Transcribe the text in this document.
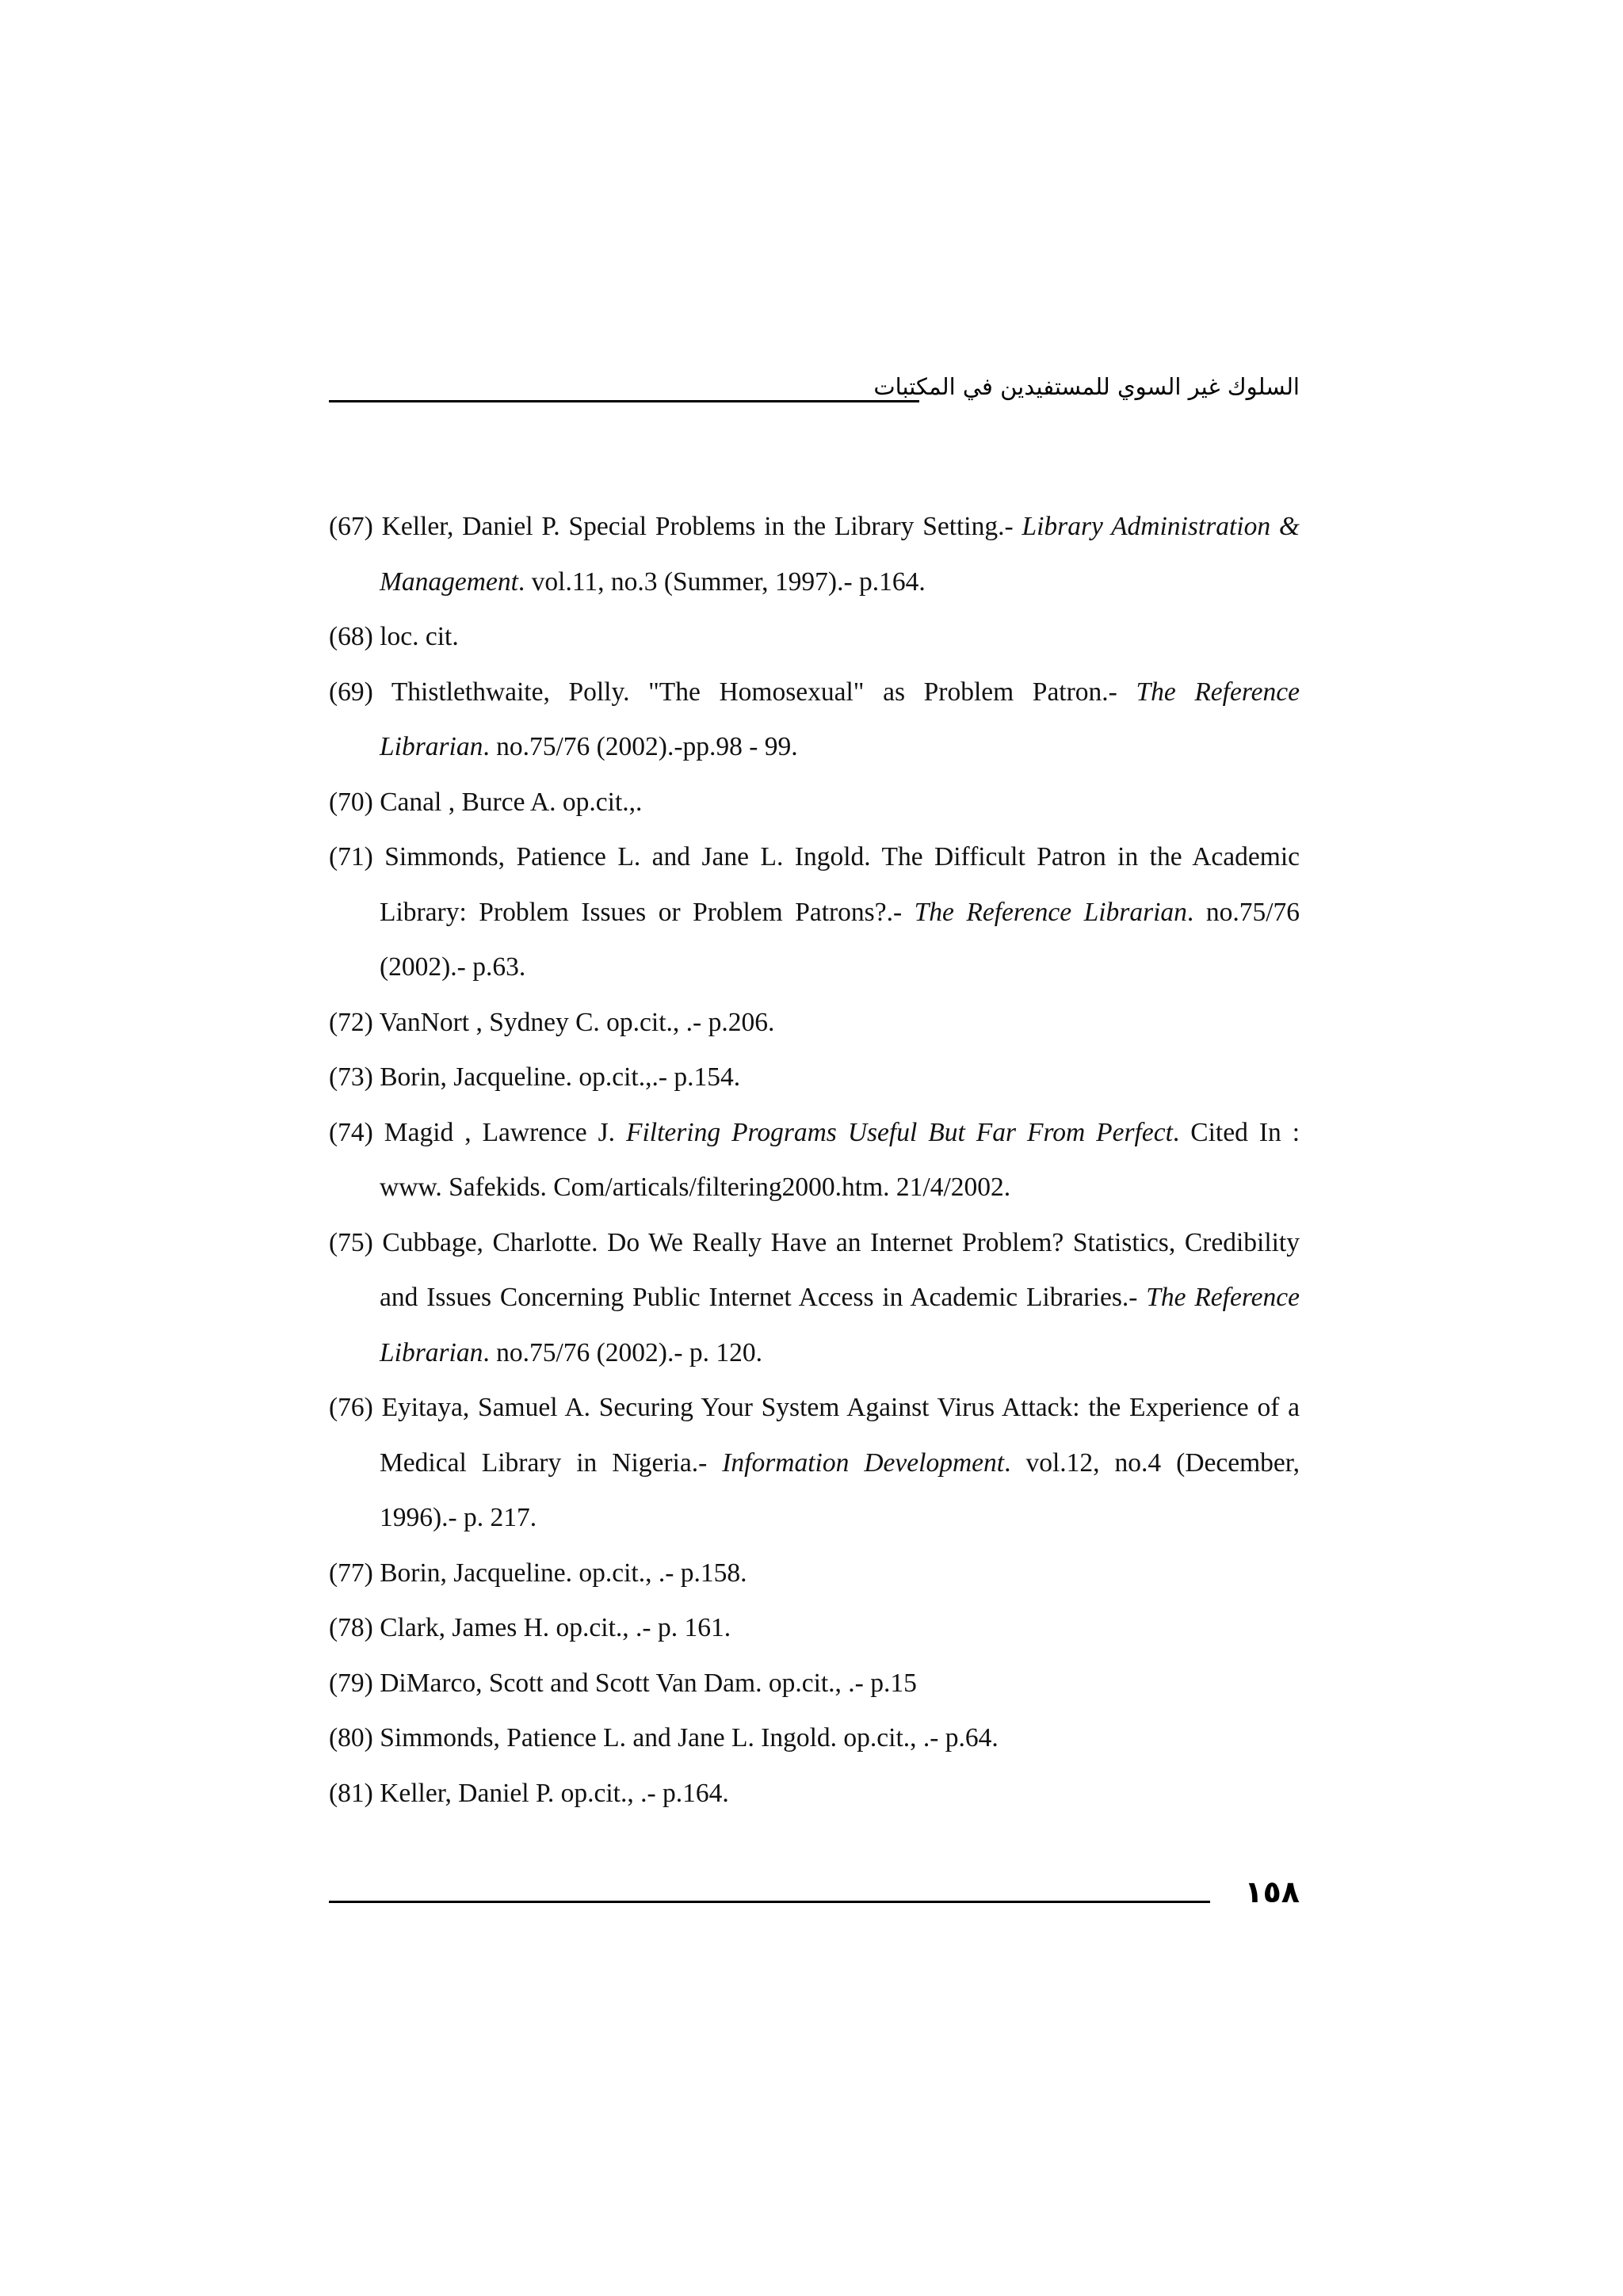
السلوك غير السوي للمستفيدين في المكتبات
(67) Keller, Daniel P. Special Problems in the Library Setting.- Library Administration & Management. vol.11, no.3 (Summer, 1997).- p.164.
(68) loc. cit.
(69) Thistlethwaite, Polly. "The Homosexual" as Problem Patron.- The Reference Librarian. no.75/76 (2002).-pp.98 - 99.
(70) Canal , Burce A. op.cit.,.
(71) Simmonds, Patience L. and Jane L. Ingold. The Difficult Patron in the Academic Library: Problem Issues or Problem Patrons?.- The Reference Librarian. no.75/76 (2002).- p.63.
(72) VanNort , Sydney C. op.cit., .- p.206.
(73) Borin, Jacqueline. op.cit.,.- p.154.
(74) Magid , Lawrence J. Filtering Programs Useful But Far From Perfect. Cited In : www. Safekids. Com/articals/filtering2000.htm. 21/4/2002.
(75) Cubbage, Charlotte. Do We Really Have an Internet Problem? Statistics, Credibility and Issues Concerning Public Internet Access in Academic Libraries.- The Reference Librarian. no.75/76 (2002).- p. 120.
(76) Eyitaya, Samuel A. Securing Your System Against Virus Attack: the Experience of a Medical Library in Nigeria.- Information Development. vol.12, no.4 (December, 1996).- p. 217.
(77) Borin, Jacqueline. op.cit., .- p.158.
(78) Clark, James H. op.cit., .- p. 161.
(79) DiMarco, Scott and Scott Van Dam. op.cit., .- p.15
(80) Simmonds, Patience L. and Jane L. Ingold. op.cit., .- p.64.
(81) Keller, Daniel P. op.cit., .- p.164.
١٥٨
